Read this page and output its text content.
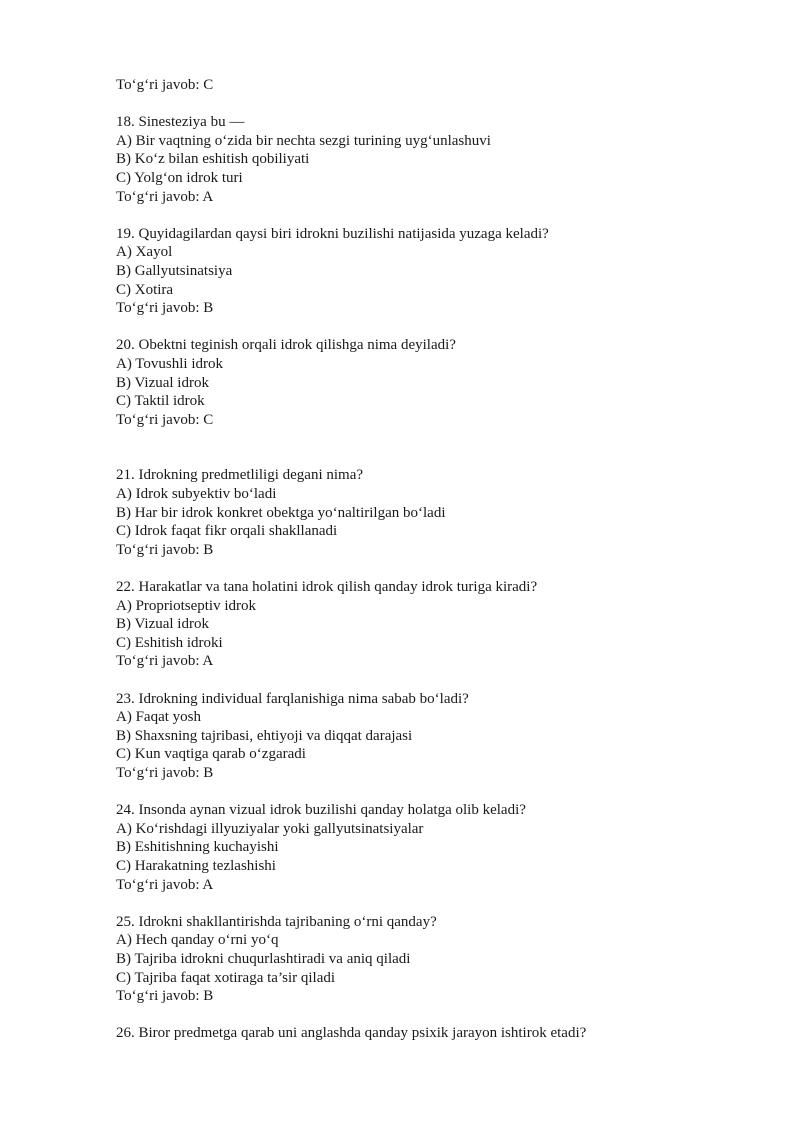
To‘g‘ri javob: C
18. Sinesteziya bu —
A) Bir vaqtning o‘zida bir nechta sezgi turining uyg‘unlashuvi
B) Ko‘z bilan eshitish qobiliyati
C) Yolg‘on idrok turi
To‘g‘ri javob: A
19. Quyidagilardan qaysi biri idrokni buzilishi natijasida yuzaga keladi?
A) Xayol
B) Gallyutsinatsiya
C) Xotira
To‘g‘ri javob: B
20. Obektni teginish orqali idrok qilishga nima deyiladi?
A) Tovushli idrok
B) Vizual idrok
C) Taktil idrok
To‘g‘ri javob: C
21. Idrokning predmetliligi degani nima?
A) Idrok subyektiv bo‘ladi
B) Har bir idrok konkret obektga yo‘naltirilgan bo‘ladi
C) Idrok faqat fikr orqali shakllanadi
To‘g‘ri javob: B
22. Harakatlar va tana holatini idrok qilish qanday idrok turiga kiradi?
A) Propriotseptiv idrok
B) Vizual idrok
C) Eshitish idroki
To‘g‘ri javob: A
23. Idrokning individual farqlanishiga nima sabab bo‘ladi?
A) Faqat yosh
B) Shaxsning tajribasi, ehtiyoji va diqqat darajasi
C) Kun vaqtiga qarab o‘zgaradi
To‘g‘ri javob: B
24. Insonda aynan vizual idrok buzilishi qanday holatga olib keladi?
A) Ko‘rishdagi illyuziyalar yoki gallyutsinatsiyalar
B) Eshitishning kuchayishi
C) Harakatning tezlashishi
To‘g‘ri javob: A
25. Idrokni shakllantirishda tajribaning o‘rni qanday?
A) Hech qanday o‘rni yo‘q
B) Tajriba idrokni chuqurlashtiradi va aniq qiladi
C) Tajriba faqat xotiraga ta’sir qiladi
To‘g‘ri javob: B
26. Biror predmetga qarab uni anglashda qanday psixik jarayon ishtirok etadi?
